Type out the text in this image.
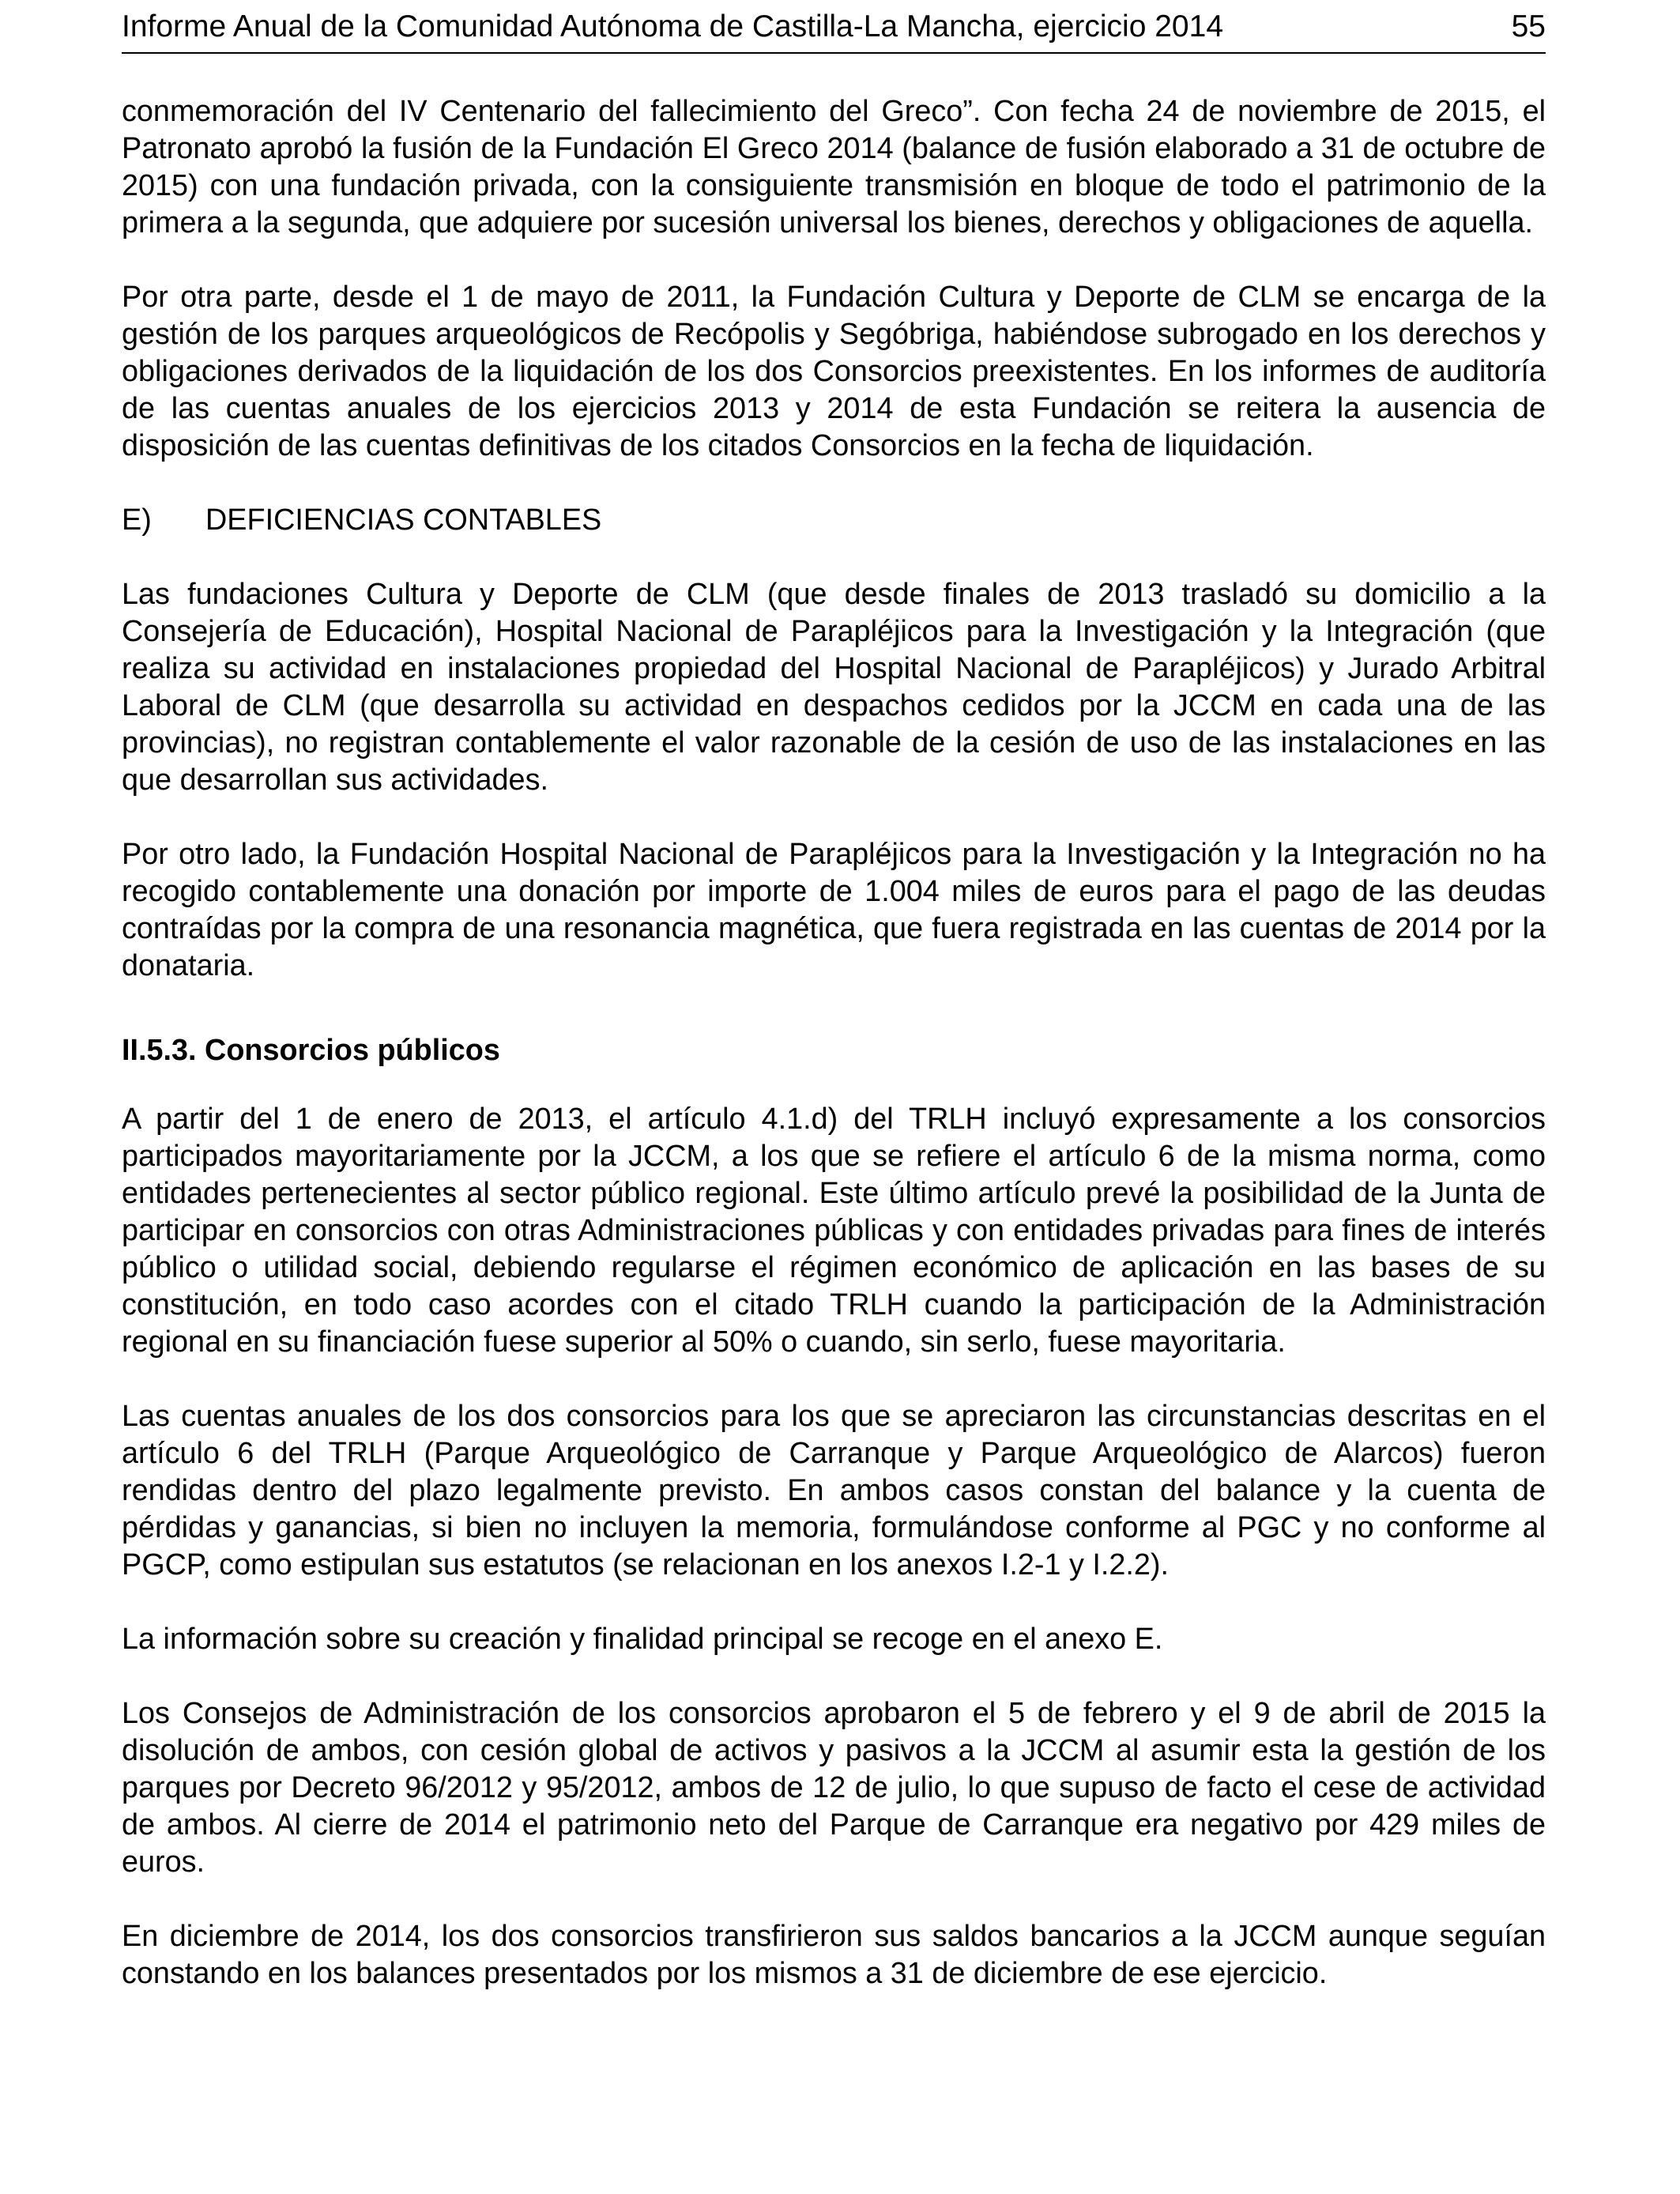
Informe Anual de la Comunidad Autónoma de Castilla-La Mancha, ejercicio 2014	55

conmemoración del IV Centenario del fallecimiento del Greco”. Con fecha 24 de noviembre de 2015, el Patronato aprobó la fusión de la Fundación El Greco 2014 (balance de fusión elaborado a 31 de octubre de 2015) con una fundación privada, con la consiguiente transmisión en bloque de todo el patrimonio de la primera a la segunda, que adquiere por sucesión universal los bienes, derechos y obligaciones de aquella.

Por otra parte, desde el 1 de mayo de 2011, la Fundación Cultura y Deporte de CLM se encarga de la gestión de los parques arqueológicos de Recópolis y Segóbriga, habiéndose subrogado en los derechos y obligaciones derivados de la liquidación de los dos Consorcios preexistentes. En los informes de auditoría de las cuentas anuales de los ejercicios 2013 y 2014 de esta Fundación se reitera la ausencia de disposición de las cuentas definitivas de los citados Consorcios en la fecha de liquidación.

E) DEFICIENCIAS CONTABLES

Las fundaciones Cultura y Deporte de CLM (que desde finales de 2013 trasladó su domicilio a la Consejería de Educación), Hospital Nacional de Parapléjicos para la Investigación y la Integración (que realiza su actividad en instalaciones propiedad del Hospital Nacional de Parapléjicos) y Jurado Arbitral Laboral de CLM (que desarrolla su actividad en despachos cedidos por la JCCM en cada una de las provincias), no registran contablemente el valor razonable de la cesión de uso de las instalaciones en las que desarrollan sus actividades.

Por otro lado, la Fundación Hospital Nacional de Parapléjicos para la Investigación y la Integración no ha recogido contablemente una donación por importe de 1.004 miles de euros para el pago de las deudas contraídas por la compra de una resonancia magnética, que fuera registrada en las cuentas de 2014 por la donataria.

II.5.3. Consorcios públicos

A partir del 1 de enero de 2013, el artículo 4.1.d) del TRLH incluyó expresamente a los consorcios participados mayoritariamente por la JCCM, a los que se refiere el artículo 6 de la misma norma, como entidades pertenecientes al sector público regional. Este último artículo prevé la posibilidad de la Junta de participar en consorcios con otras Administraciones públicas y con entidades privadas para fines de interés público o utilidad social, debiendo regularse el régimen económico de aplicación en las bases de su constitución, en todo caso acordes con el citado TRLH cuando la participación de la Administración regional en su financiación fuese superior al 50% o cuando, sin serlo, fuese mayoritaria.

Las cuentas anuales de los dos consorcios para los que se apreciaron las circunstancias descritas en el artículo 6 del TRLH (Parque Arqueológico de Carranque y Parque Arqueológico de Alarcos) fueron rendidas dentro del plazo legalmente previsto. En ambos casos constan del balance y la cuenta de pérdidas y ganancias, si bien no incluyen la memoria, formulándose conforme al PGC y no conforme al PGCP, como estipulan sus estatutos (se relacionan en los anexos I.2-1 y I.2.2).

La información sobre su creación y finalidad principal se recoge en el anexo E.

Los Consejos de Administración de los consorcios aprobaron el 5 de febrero y el 9 de abril de 2015 la disolución de ambos, con cesión global de activos y pasivos a la JCCM al asumir esta la gestión de los parques por Decreto 96/2012 y 95/2012, ambos de 12 de julio, lo que supuso de facto el cese de actividad de ambos. Al cierre de 2014 el patrimonio neto del Parque de Carranque era negativo por 429 miles de euros.

En diciembre de 2014, los dos consorcios transfirieron sus saldos bancarios a la JCCM aunque seguían constando en los balances presentados por los mismos a 31 de diciembre de ese ejercicio.
